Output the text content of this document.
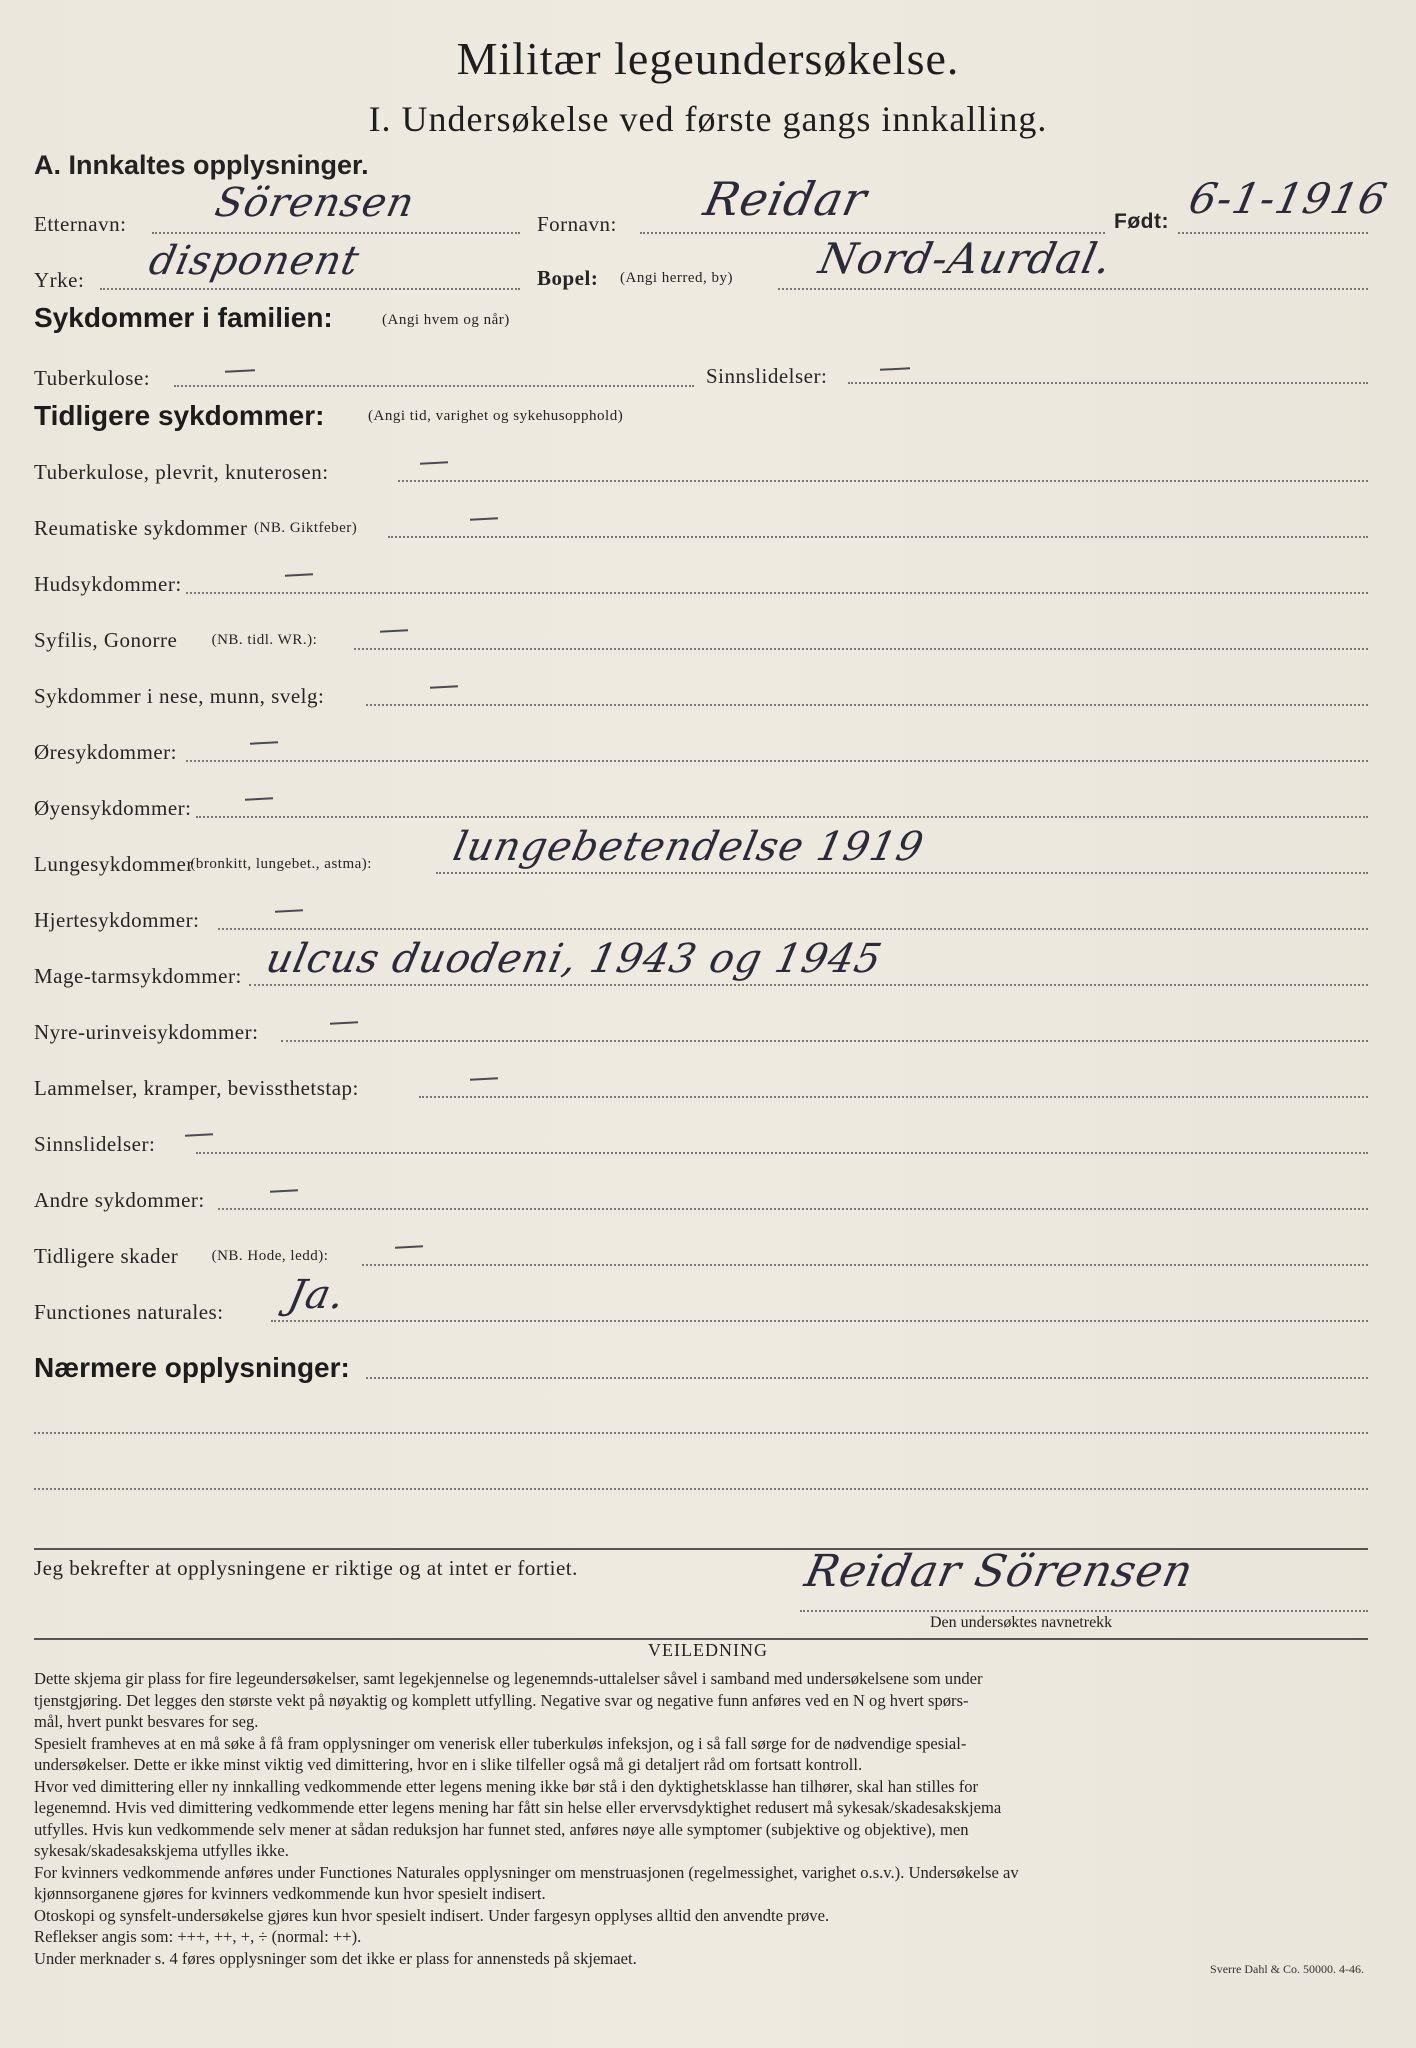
Militær legeundersøkelse.
I. Undersøkelse ved første gangs innkalling.
A. Innkaltes opplysninger.
Etternavn: Sörensen	Fornavn: Reidar	Født: 6-1-1916
Yrke: disponent	Bopel: (Angi herred, by) Nord-Aurdal.
Sykdommer i familien:	(Angi hvem og når)
Tuberkulose:	Sinnslidelser:
Tidligere sykdommer:	(Angi tid, varighet og sykehusopphold)
Tuberkulose, plevrit, knuterosen:
Reumatiske sykdommer (NB. Giktfeber)
Hudsykdommer:
Syfilis, Gonorre (NB. tidl. WR.):
Sykdommer i nese, munn, svelg:
Øresykdommer:
Øyensykdommer:
Lungesykdommer
(bronkitt, lungebet., astma): lungebetendelse 1919
Hjertesykdommer:
Mage-tarmsykdommer: ulcus duodeni, 1943 og 1945
Nyre-urinveisykdommer:
Lammelser, kramper, bevissthetstap:
Sinnslidelser:
Andre sykdommer:
Tidligere skader (NB. Hode, ledd):
Functiones naturales: Ja.
Nærmere opplysninger:
Jeg bekrefter at opplysningene er riktige og at intet er fortiet.	Reidar Sörensen
Den undersøktes navnetrekk
VEILEDNING

Dette skjema gir plass for fire legeundersøkelser, samt legekjennelse og legenemnds-uttalelser såvel i samband med undersøkelsene som under

tjenstgjøring. Det legges den største vekt på nøyaktig og komplett utfylling. Negative svar og negative funn anføres ved en N og hvert spørs-

mål, hvert punkt besvares for seg.

Spesielt framheves at en må søke å få fram opplysninger om venerisk eller tuberkuløs infeksjon, og i så fall sørge for de nødvendige spesial-

undersøkelser. Dette er ikke minst viktig ved dimittering, hvor en i slike tilfeller også må gi detaljert råd om fortsatt kontroll.

Hvor ved dimittering eller ny innkalling vedkommende etter legens mening ikke bør stå i den dyktighetsklasse han tilhører, skal han stilles for

legenemnd. Hvis ved dimittering vedkommende etter legens mening har fått sin helse eller ervervsdyktighet redusert må sykesak/skadesakskjema

utfylles. Hvis kun vedkommende selv mener at sådan reduksjon har funnet sted, anføres nøye alle symptomer (subjektive og objektive), men

sykesak/skadesakskjema utfylles ikke.

For kvinners vedkommende anføres under Functiones Naturales opplysninger om menstruasjonen (regelmessighet, varighet o.s.v.). Undersøkelse av

kjønnsorganene gjøres for kvinners vedkommende kun hvor spesielt indisert.

Otoskopi og synsfelt-undersøkelse gjøres kun hvor spesielt indisert. Under fargesyn opplyses alltid den anvendte prøve.

Reflekser angis som: +++, ++, +, ÷ (normal: ++).

Under merknader s. 4 føres opplysninger som det ikke er plass for annensteds på skjemaet.

Sverre Dahl & Co. 50000. 4-46.
